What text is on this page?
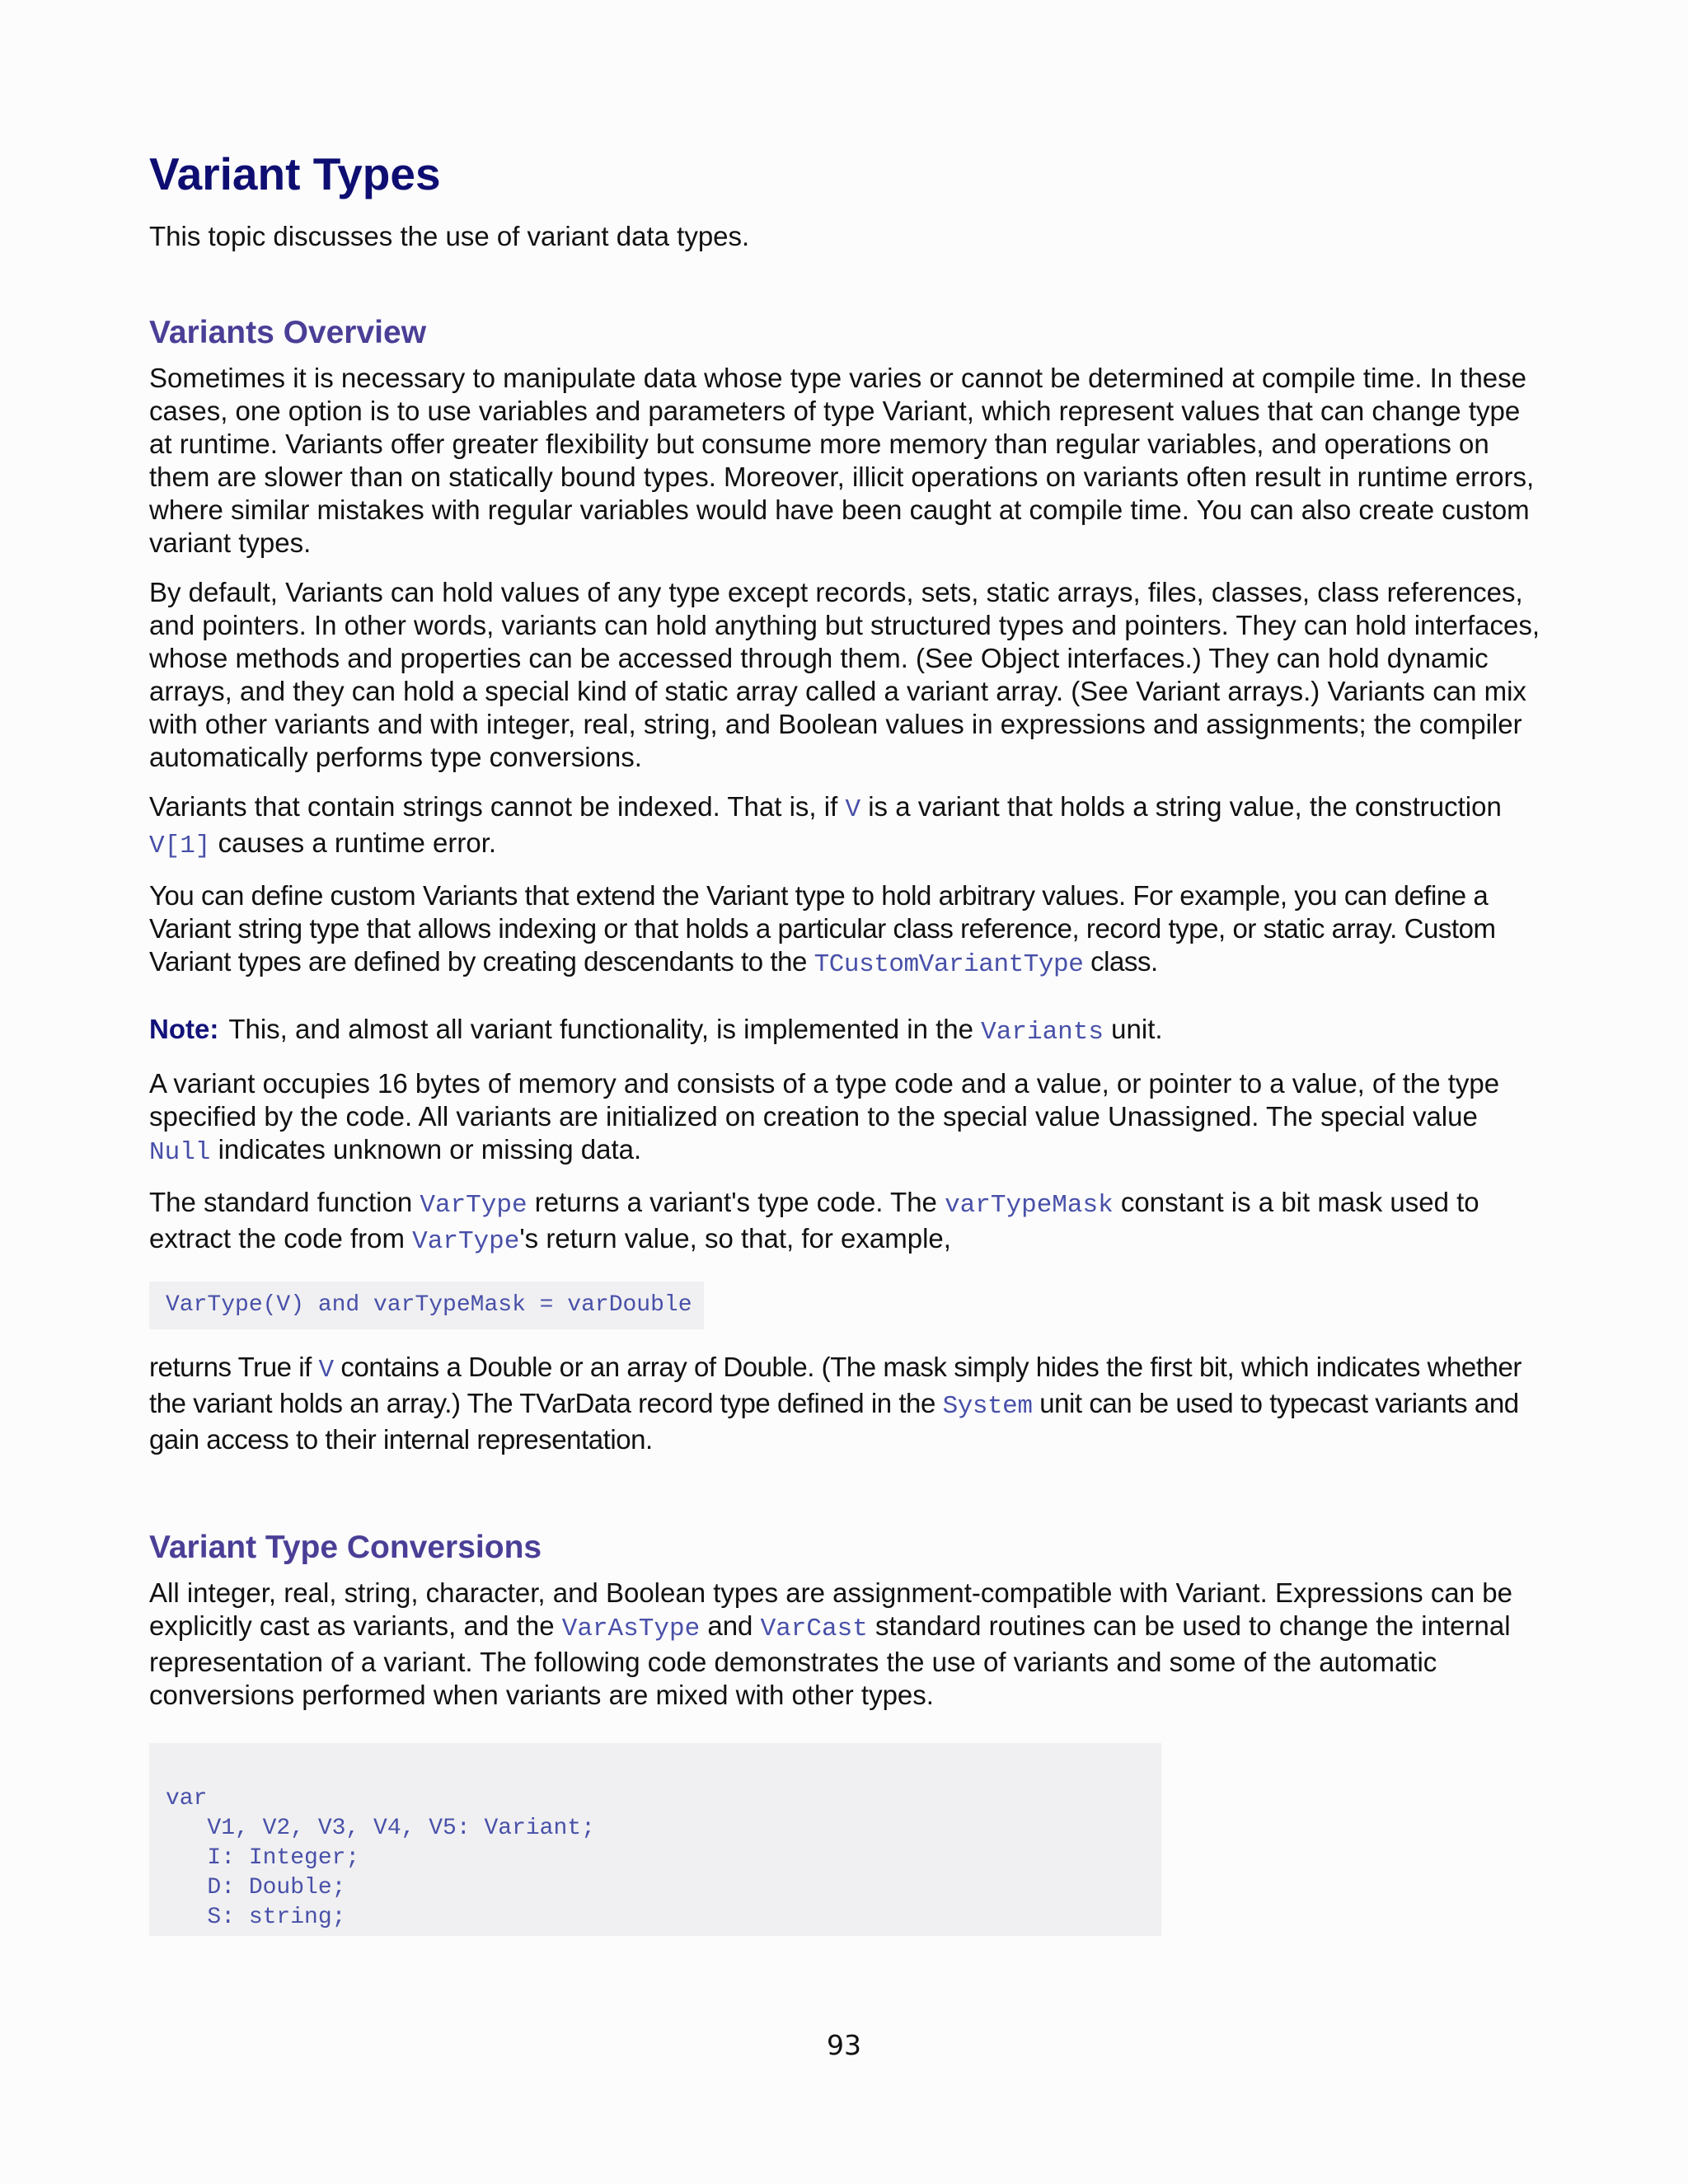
Variant Types
This topic discusses the use of variant data types.
Variants Overview

Sometimes it is necessary to manipulate data whose type varies or cannot be determined at compile time. In these cases, one option is to use variables and parameters of type Variant, which represent values that can change type at runtime. Variants offer greater flexibility but consume more memory than regular variables, and operations on them are slower than on statically bound types. Moreover, illicit operations on variants often result in runtime errors, where similar mistakes with regular variables would have been caught at compile time. You can also create custom variant types.

By default, Variants can hold values of any type except records, sets, static arrays, files, classes, class references, and pointers. In other words, variants can hold anything but structured types and pointers. They can hold interfaces, whose methods and properties can be accessed through them. (See Object interfaces.) They can hold dynamic arrays, and they can hold a special kind of static array called a variant array. (See Variant arrays.) Variants can mix with other variants and with integer, real, string, and Boolean values in expressions and assignments; the compiler automatically performs type conversions.

Variants that contain strings cannot be indexed. That is, if V is a variant that holds a string value, the construction V[1] causes a runtime error.

You can define custom Variants that extend the Variant type to hold arbitrary values. For example, you can define a Variant string type that allows indexing or that holds a particular class reference, record type, or static array. Custom Variant types are defined by creating descendants to the TCustomVariantType class.

Note: This, and almost all variant functionality, is implemented in the Variants unit.

A variant occupies 16 bytes of memory and consists of a type code and a value, or pointer to a value, of the type specified by the code. All variants are initialized on creation to the special value Unassigned. The special value Null indicates unknown or missing data.

The standard function VarType returns a variant's type code. The varTypeMask constant is a bit mask used to extract the code from VarType's return value, so that, for example,

VarType(V) and varTypeMask = varDouble

returns True if V contains a Double or an array of Double. (The mask simply hides the first bit, which indicates whether the variant holds an array.) The TVarData record type defined in the System unit can be used to typecast variants and gain access to their internal representation.

Variant Type Conversions

All integer, real, string, character, and Boolean types are assignment-compatible with Variant. Expressions can be explicitly cast as variants, and the VarAsType and VarCast standard routines can be used to change the internal representation of a variant. The following code demonstrates the use of variants and some of the automatic conversions performed when variants are mixed with other types.

var
V1, V2, V3, V4, V5: Variant;
I: Integer;
D: Double;
S: string;
93
